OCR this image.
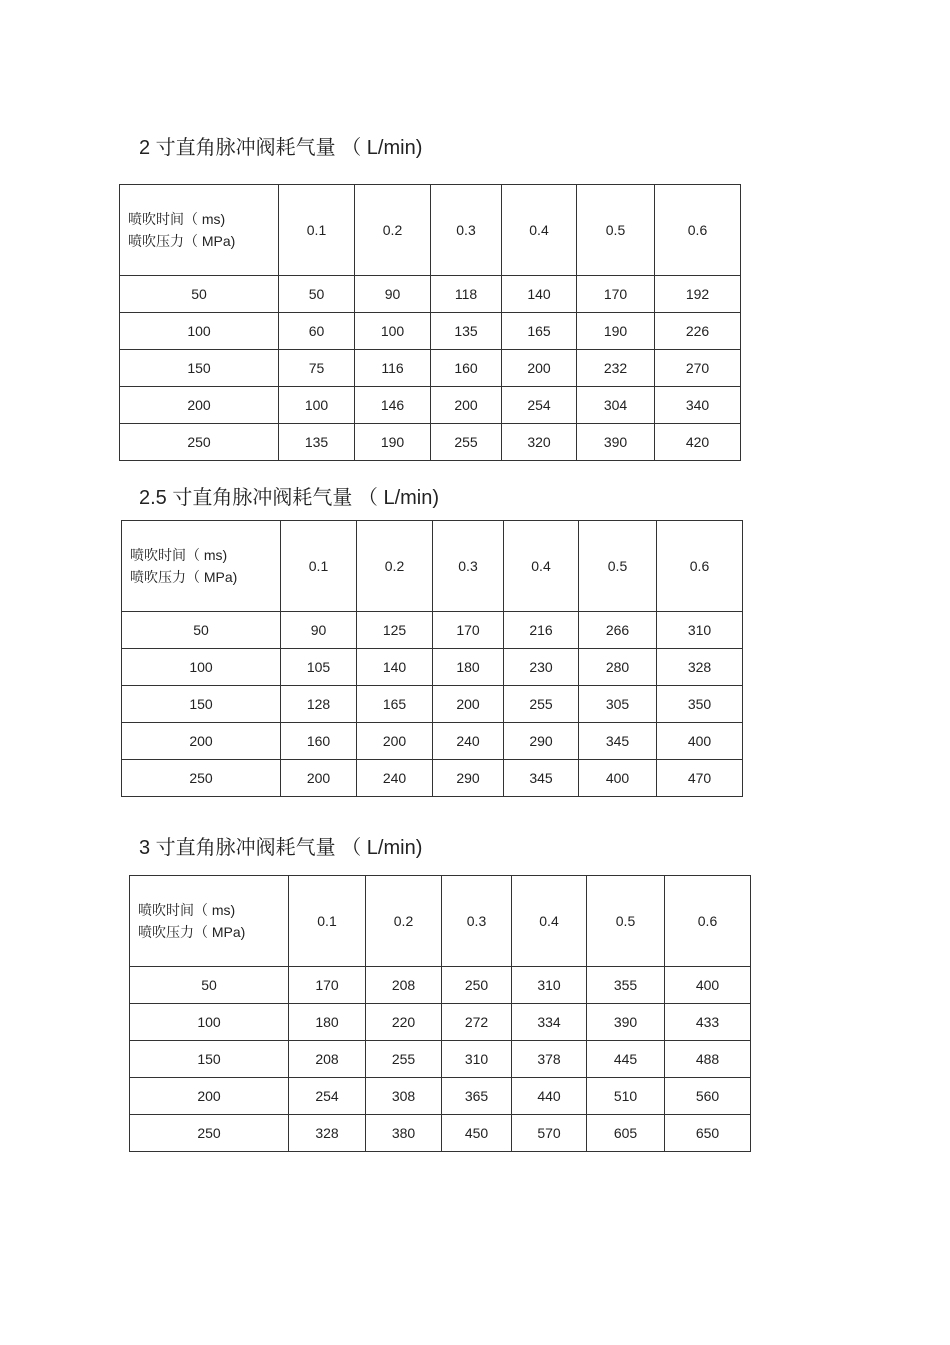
2 寸直角脉冲阀耗气量 （ L/min)
喷吹时间（ ms)
喷吹压力（ MPa)	0.1	0.2	0.3	0.4	0.5	0.6
50	50	90	118	140	170	192
100	60	100	135	165	190	226
150	75	116	160	200	232	270
200	100	146	200	254	304	340
250	135	190	255	320	390	420
2.5 寸直角脉冲阀耗气量 （ L/min)
喷吹时间（ ms)
喷吹压力（ MPa)	0.1	0.2	0.3	0.4	0.5	0.6
50	90	125	170	216	266	310
100	105	140	180	230	280	328
150	128	165	200	255	305	350
200	160	200	240	290	345	400
250	200	240	290	345	400	470
3 寸直角脉冲阀耗气量 （ L/min)
喷吹时间（ ms)
喷吹压力（ MPa)	0.1	0.2	0.3	0.4	0.5	0.6
50	170	208	250	310	355	400
100	180	220	272	334	390	433
150	208	255	310	378	445	488
200	254	308	365	440	510	560
250	328	380	450	570	605	650
